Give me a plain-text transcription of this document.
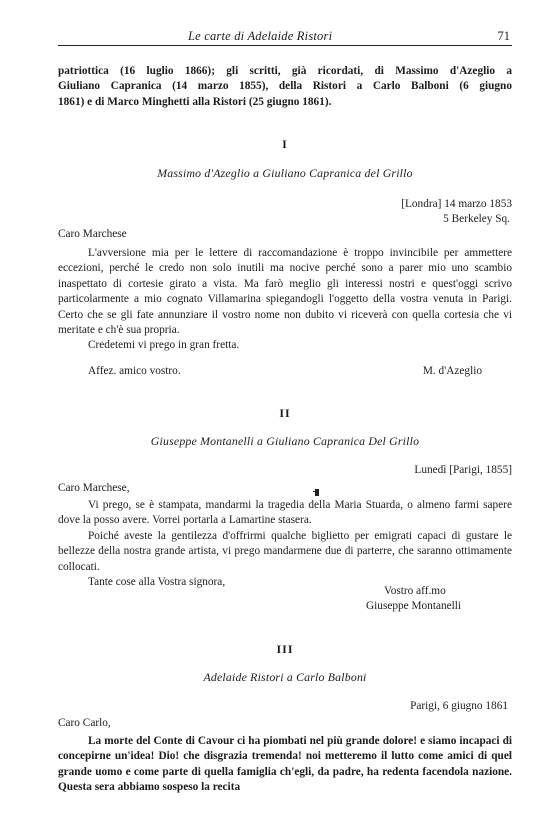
Le carte di Adelaide Ristori	71
patriottica (16 luglio 1866); gli scritti, già ricordati, di Massimo d'Azeglio a
Giuliano Capranica (14 marzo 1855), della Ristori a Carlo Balboni (6 giugno
1861) e di Marco Minghetti alla Ristori (25 giugno 1861).
I
Massimo d'Azeglio a Giuliano Capranica del Grillo
[Londra] 14 marzo 1853
5 Berkeley Sq.
Caro Marchese

L'avversione mia per le lettere di raccomandazione è troppo invincibile per ammettere eccezioni, perché le credo non solo inutili ma nocive perché sono a parer mio uno scambio inaspettato di cortesie girato a vista. Ma farò meglio gli interessi nostri e quest'oggi scrivo particolarmente a mio cognato Villamarina spiegandogli l'oggetto della vostra venuta in Parigi. Certo che se gli fate annunziare il vostro nome non dubito vi riceverà con quella cortesia che vi meritate e ch'è sua propria.

Credetemi vi prego in gran fretta.

Affez. amico vostro.	M. d'Azeglio
II
Giuseppe Montanelli a Giuliano Capranica Del Grillo
Lunedì [Parigi, 1855]
Caro Marchese,

Vi prego, se è stampata, mandarmi la tragedia della Maria Stuarda, o almeno farmi sapere dove la posso avere. Vorrei portarla a Lamartine stasera.

Poiché aveste la gentilezza d'offrirmi qualche biglietto per emigrati capaci di gustare le bellezze della nostra grande artista, vi prego mandarmene due di parterre, che saranno ottimamente collocati.

Tante cose alla Vostra signora,

Vostro aff.mo
Giuseppe Montanelli
III
Adelaide Ristori a Carlo Balboni
Parigi, 6 giugno 1861
Caro Carlo,

La morte del Conte di Cavour ci ha piombati nel più grande dolore! e siamo incapaci di concepirne un'idea! Dio! che disgrazia tremenda! noi metteremo il lutto come amici di quel grande uomo e come parte di quella famiglia ch'egli, da padre, ha redenta facendola nazione. Questa sera abbiamo sospeso la recita
